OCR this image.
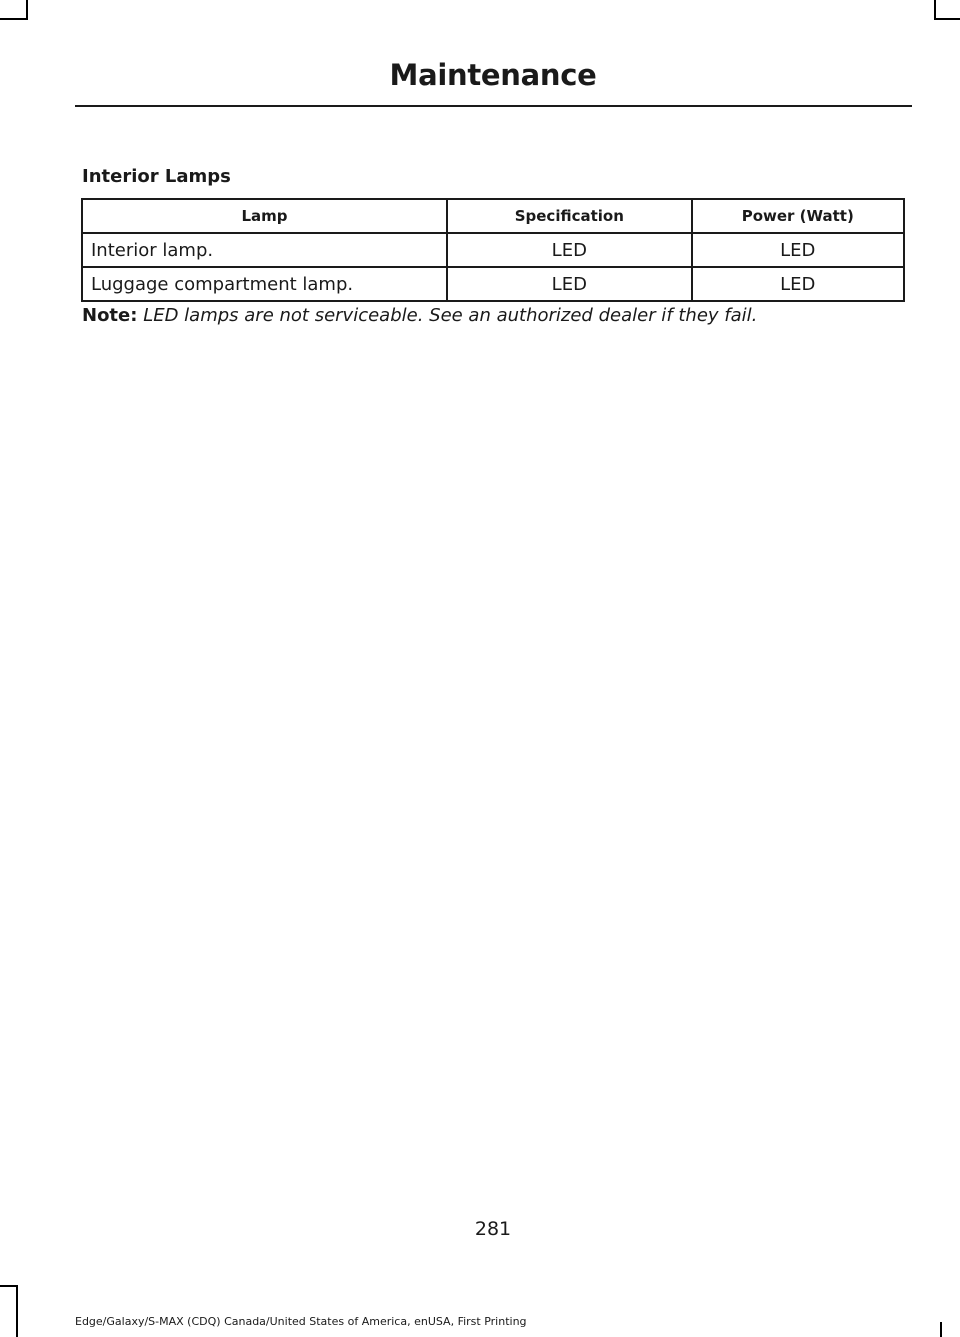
Maintenance
Interior Lamps
Lamp	Specification	Power (Watt)
Interior lamp.	LED	LED
Luggage compartment lamp.	LED	LED
Note: LED lamps are not serviceable. See an authorized dealer if they fail.
281
Edge/Galaxy/S-MAX (CDQ) Canada/United States of America, enUSA, First Printing
